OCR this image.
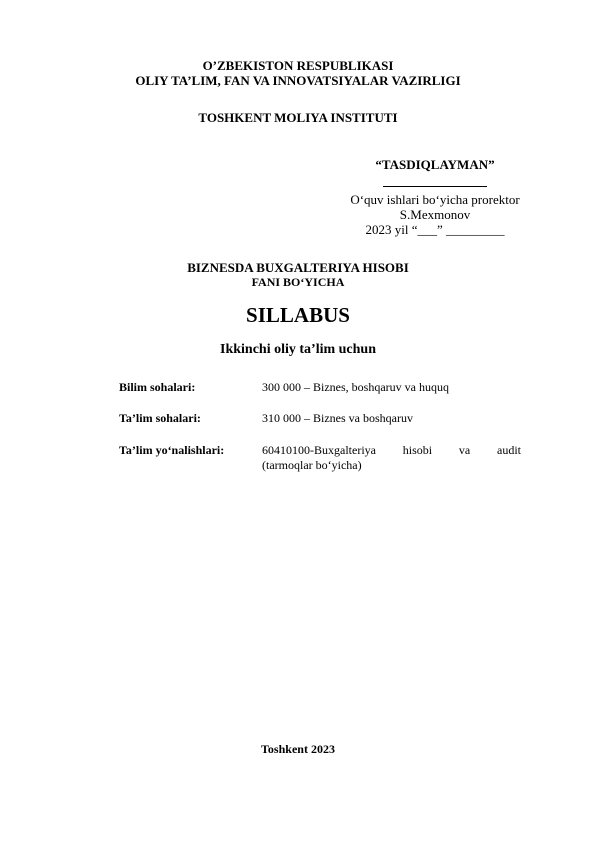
O’ZBEKISTON RESPUBLIKASI
OLIY TA’LIM, FAN VA INNOVATSIYALAR VAZIRLIGI
TOSHKENT MOLIYA INSTITUTI
“TASDIQLAYMAN”
O‘quv ishlari bo‘yicha prorektor
S.Mexmonov
2023 yil “___” _________
BIZNESDA BUXGALTERIYA HISOBI
FANI BO‘YICHA
SILLABUS
Ikkinchi oliy ta’lim uchun
Bilim sohalari:	300 000 – Biznes, boshqaruv va huquq
Ta’lim sohalari:	310 000 – Biznes va boshqaruv
Ta’lim yo‘nalishlari:	60410100-Buxgalteriya hisobi va audit
(tarmoqlar bo‘yicha)
Toshkent 2023
